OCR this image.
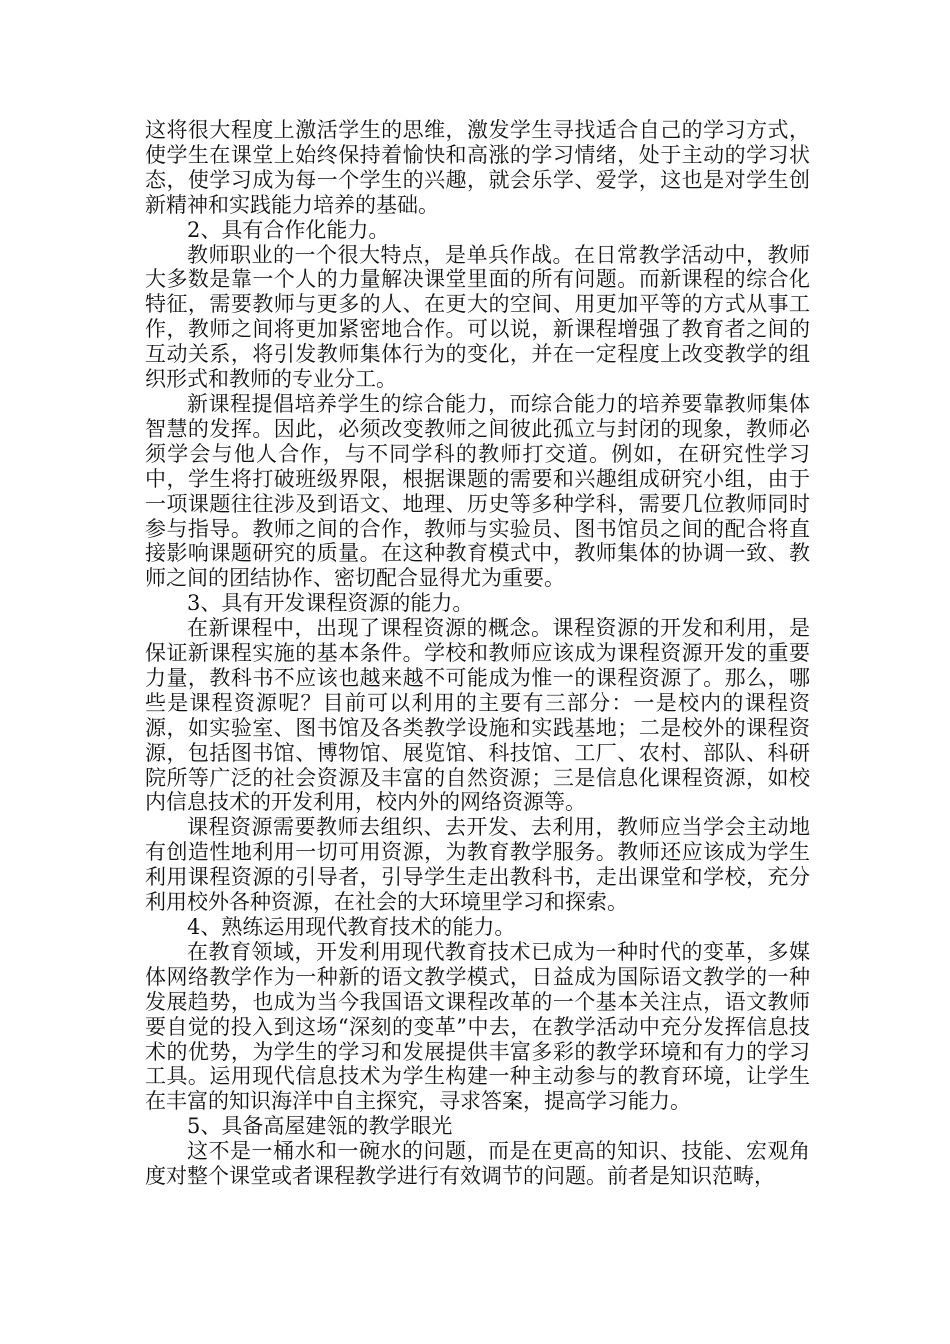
这将很大程度上激活学生的思维，激发学生寻找适合自己的学习方式，使学生在课堂上始终保持着愉快和高涨的学习情绪，处于主动的学习状态，使学习成为每一个学生的兴趣，就会乐学、爱学，这也是对学生创新精神和实践能力培养的基础。

2、具有合作化能力。

教师职业的一个很大特点，是单兵作战。在日常教学活动中，教师大多数是靠一个人的力量解决课堂里面的所有问题。而新课程的综合化特征，需要教师与更多的人、在更大的空间、用更加平等的方式从事工作，教师之间将更加紧密地合作。可以说，新课程增强了教育者之间的互动关系，将引发教师集体行为的变化，并在一定程度上改变教学的组织形式和教师的专业分工。

新课程提倡培养学生的综合能力，而综合能力的培养要靠教师集体智慧的发挥。因此，必须改变教师之间彼此孤立与封闭的现象，教师必须学会与他人合作，与不同学科的教师打交道。例如，在研究性学习中，学生将打破班级界限，根据课题的需要和兴趣组成研究小组，由于一项课题往往涉及到语文、地理、历史等多种学科，需要几位教师同时参与指导。教师之间的合作，教师与实验员、图书馆员之间的配合将直接影响课题研究的质量。在这种教育模式中，教师集体的协调一致、教师之间的团结协作、密切配合显得尤为重要。

3、具有开发课程资源的能力。

在新课程中，出现了课程资源的概念。课程资源的开发和利用，是保证新课程实施的基本条件。学校和教师应该成为课程资源开发的重要力量，教科书不应该也越来越不可能成为惟一的课程资源了。那么，哪些是课程资源呢？目前可以利用的主要有三部分：一是校内的课程资源，如实验室、图书馆及各类教学设施和实践基地；二是校外的课程资源，包括图书馆、博物馆、展览馆、科技馆、工厂、农村、部队、科研院所等广泛的社会资源及丰富的自然资源；三是信息化课程资源，如校内信息技术的开发利用，校内外的网络资源等。

课程资源需要教师去组织、去开发、去利用，教师应当学会主动地有创造性地利用一切可用资源，为教育教学服务。教师还应该成为学生利用课程资源的引导者，引导学生走出教科书，走出课堂和学校，充分利用校外各种资源，在社会的大环境里学习和探索。

4、熟练运用现代教育技术的能力。

在教育领域，开发利用现代教育技术已成为一种时代的变革，多媒体网络教学作为一种新的语文教学模式，日益成为国际语文教学的一种发展趋势，也成为当今我国语文课程改革的一个基本关注点，语文教师要自觉的投入到这场“深刻的变革”中去，在教学活动中充分发挥信息技术的优势，为学生的学习和发展提供丰富多彩的教学环境和有力的学习工具。运用现代信息技术为学生构建一种主动参与的教育环境，让学生在丰富的知识海洋中自主探究，寻求答案，提高学习能力。

5、具备高屋建瓴的教学眼光

这不是一桶水和一碗水的问题，而是在更高的知识、技能、宏观角度对整个课堂或者课程教学进行有效调节的问题。前者是知识范畴，
